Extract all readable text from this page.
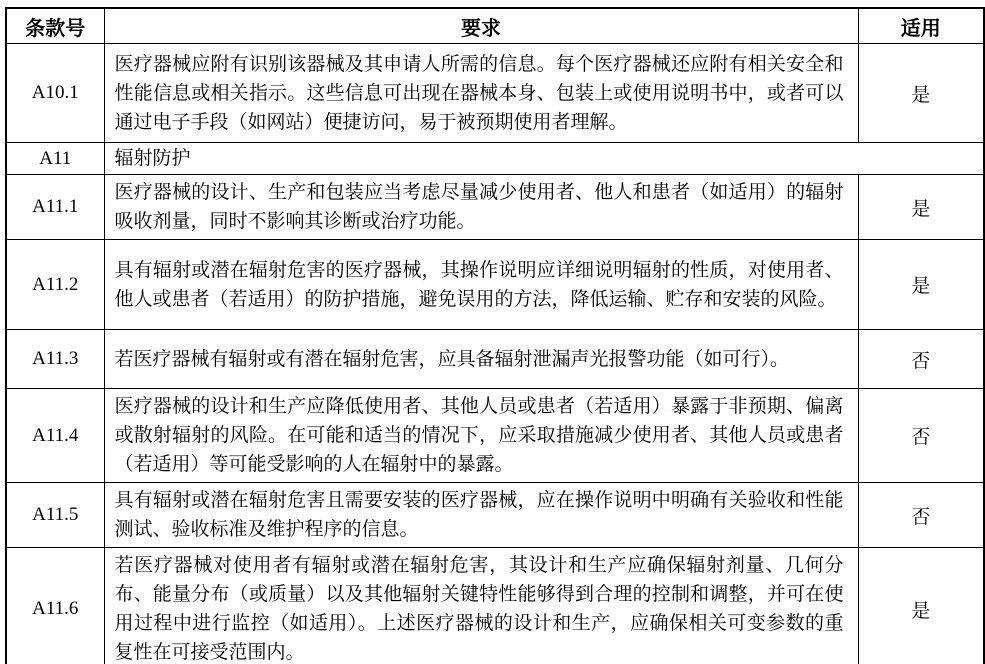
条款号	要求	适用
A10.1	医疗器械应附有识别该器械及其申请人所需的信息。每个医疗器械还应附有相关安全和性能信息或相关指示。这些信息可出现在器械本身、包装上或使用说明书中，或者可以通过电子手段（如网站）便捷访问，易于被预期使用者理解。	是
A11	辐射防护	
A11.1	医疗器械的设计、生产和包装应当考虑尽量减少使用者、他人和患者（如适用）的辐射吸收剂量，同时不影响其诊断或治疗功能。	是
A11.2	具有辐射或潜在辐射危害的医疗器械，其操作说明应详细说明辐射的性质，对使用者、他人或患者（若适用）的防护措施，避免误用的方法，降低运输、贮存和安装的风险。	是
A11.3	若医疗器械有辐射或有潜在辐射危害，应具备辐射泄漏声光报警功能（如可行）。	否
A11.4	医疗器械的设计和生产应降低使用者、其他人员或患者（若适用）暴露于非预期、偏离或散射辐射的风险。在可能和适当的情况下，应采取措施减少使用者、其他人员或患者（若适用）等可能受影响的人在辐射中的暴露。	否
A11.5	具有辐射或潜在辐射危害且需要安装的医疗器械，应在操作说明中明确有关验收和性能测试、验收标准及维护程序的信息。	否
A11.6	若医疗器械对使用者有辐射或潜在辐射危害，其设计和生产应确保辐射剂量、几何分布、能量分布（或质量）以及其他辐射关键特性能够得到合理的控制和调整，并可在使用过程中进行监控（如适用）。上述医疗器械的设计和生产，应确保相关可变参数的重复性在可接受范围内。	是
